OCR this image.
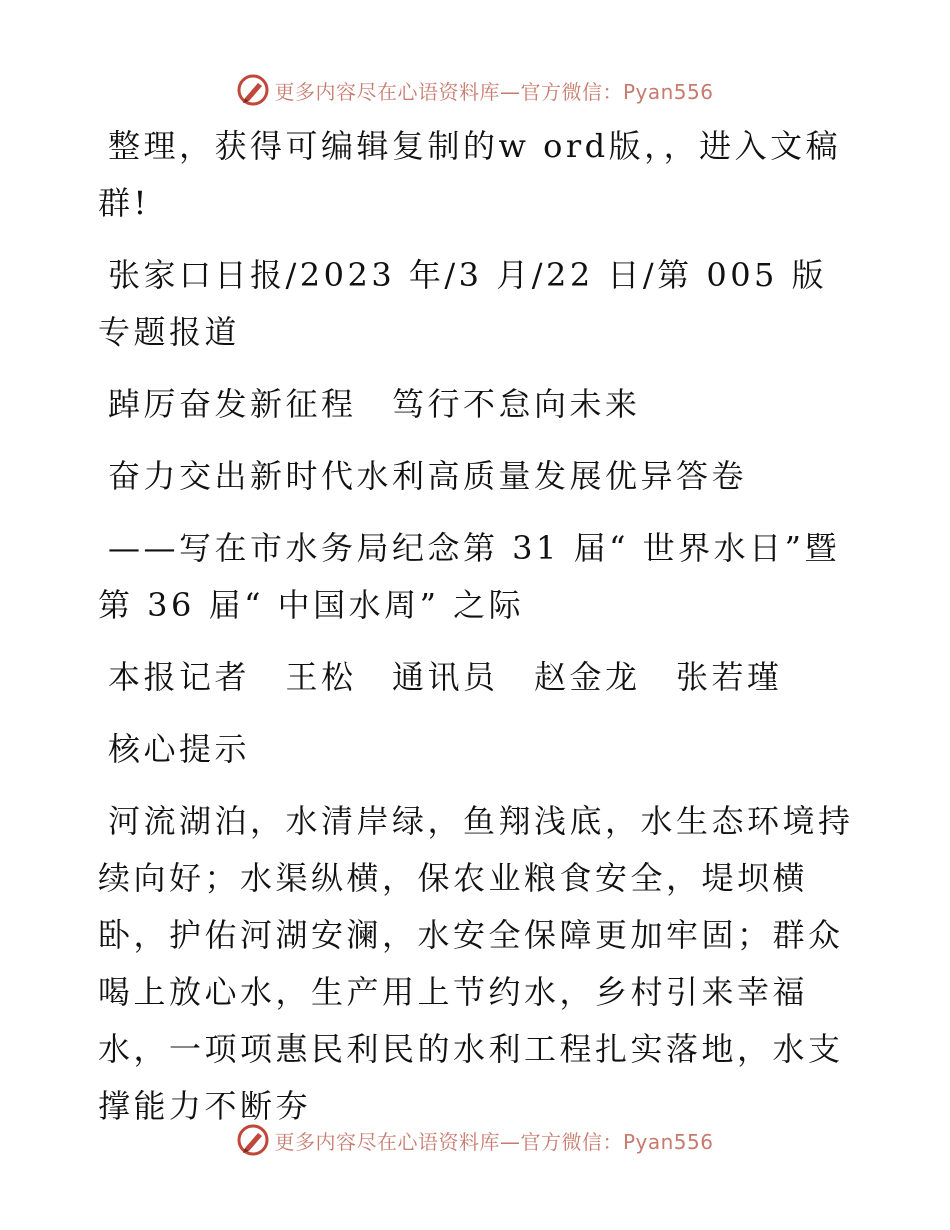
更多内容尽在心语资料库—官方微信：Pyan556

整理，获得可编辑复制的w ord版，，进入文稿群!

张家口日报/2023 年/3 月/22 日/第 005 版专题报道

踔厉奋发新征程　笃行不怠向未来

奋力交出新时代水利高质量发展优异答卷

——写在市水务局纪念第 31 届“ 世界水日”暨第 36 届“ 中国水周” 之际

本报记者　王松　通讯员　赵金龙　张若瑾

核心提示

河流湖泊，水清岸绿，鱼翔浅底，水生态环境持续向好；水渠纵横，保农业粮食安全，堤坝横卧，护佑河湖安澜，水安全保障更加牢固；群众喝上放心水，生产用上节约水，乡村引来幸福水，一项项惠民利民的水利工程扎实落地，水支撑能力不断夯

更多内容尽在心语资料库—官方微信：Pyan556
